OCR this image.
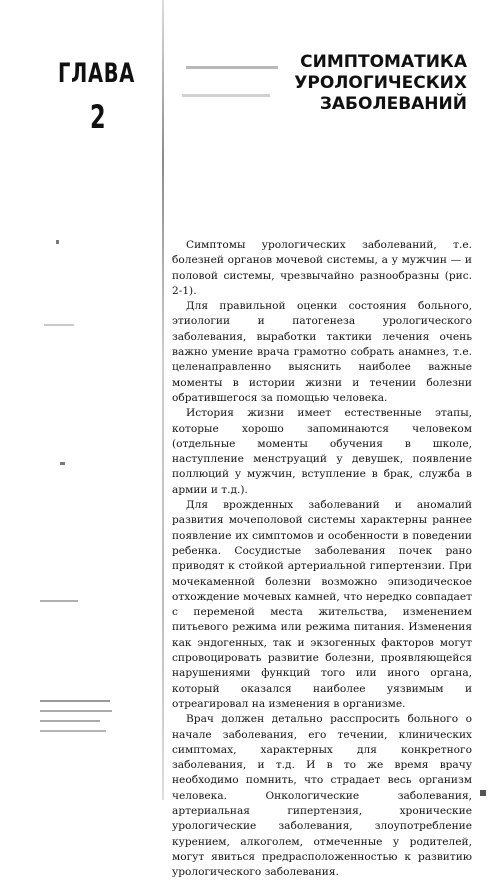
ГЛАВА
2
СИМПТОМАТИКА
УРОЛОГИЧЕСКИХ
ЗАБОЛЕВАНИЙ

Симптомы урологических заболеваний, т.е. болезней органов мочевой системы, а у мужчин — и половой системы, чрезвычайно разнообразны (рис. 2-1).

Для правильной оценки состояния больного, этиологии и патогенеза урологического заболевания, выработки тактики лечения очень важно умение врача грамотно собрать анамнез, т.е. целенаправленно выяснить наиболее важные моменты в истории жизни и течении болезни обратившегося за помощью человека.

История жизни имеет естественные этапы, которые хорошо запоминаются человеком (отдельные моменты обучения в школе, наступление менструаций у девушек, появление поллюций у мужчин, вступление в брак, служба в армии и т.д.).

Для врожденных заболеваний и аномалий развития мочеполовой системы характерны раннее появление их симптомов и особенности в поведении ребенка. Сосудистые заболевания почек рано приводят к стойкой артериальной гипертензии. При мочекаменной болезни возможно эпизодическое отхождение мочевых камней, что нередко совпадает с переменой места жительства, изменением питьевого режима или режима питания. Изменения как эндогенных, так и экзогенных факторов могут спровоцировать развитие болезни, проявляющейся нарушениями функций того или иного органа, который оказался наиболее уязвимым и отреагировал на изменения в организме.

Врач должен детально расспросить больного о начале заболевания, его течении, клинических симптомах, характерных для конкретного заболевания, и т.д. И в то же время врачу необходимо помнить, что страдает весь организм человека. Онкологические заболевания, артериальная гипертензия, хронические урологические заболевания, злоупотребление курением, алкоголем, отмеченные у родителей, могут явиться предрасположенностью к развитию урологического заболевания.
